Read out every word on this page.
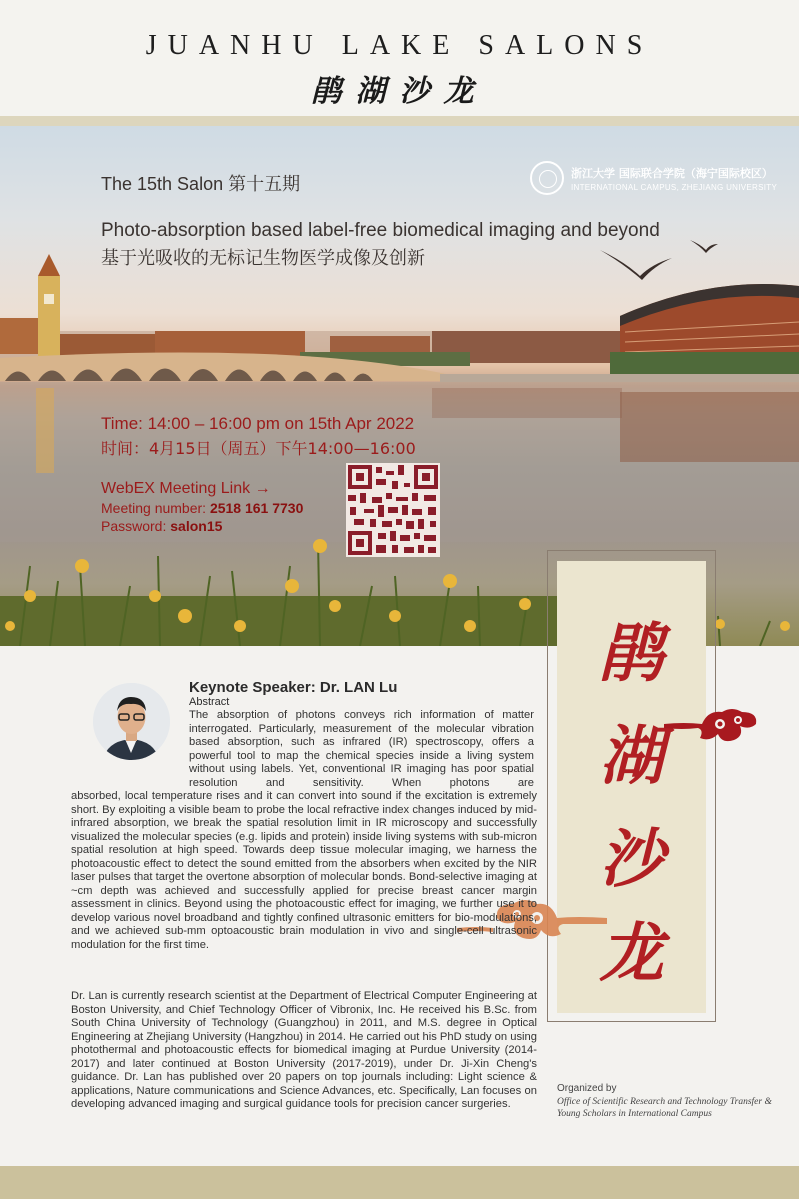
JUANHU LAKE SALONS
鹃湖沙龙
The 15th Salon 第十五期
Photo-absorption based label-free biomedical imaging and beyond
基于光吸收的无标记生物医学成像及创新
浙江大学 国际联合学院（海宁国际校区）
INTERNATIONAL CAMPUS, ZHEJIANG UNIVERSITY
Time: 14:00 – 16:00 pm on 15th Apr 2022
时间：4月15日（周五）下午14:00—16:00
WebEX Meeting Link →
Meeting number: 2518 161 7730
Password: salon15
鹃
湖
沙
龙
Keynote Speaker: Dr. LAN Lu
Abstract
The absorption of photons conveys rich information of matter interrogated. Particularly, measurement of the molecular vibration based absorption, such as infrared (IR) spectroscopy, offers a powerful tool to map the chemical species inside a living system without using labels. Yet, conventional IR imaging has poor spatial resolution and sensitivity. When photons are
absorbed, local temperature rises and it can convert into sound if the excitation is extremely short. By exploiting a visible beam to probe the local refractive index changes induced by mid-infrared absorption, we break the spatial resolution limit in IR microscopy and successfully visualized the molecular species (e.g. lipids and protein) inside living systems with sub-micron spatial resolution at high speed. Towards deep tissue molecular imaging, we harness the photoacoustic effect to detect the sound emitted from the absorbers when excited by the NIR laser pulses that target the overtone absorption of molecular bonds. Bond-selective imaging at ~cm depth was achieved and successfully applied for precise breast cancer margin assessment in clinics. Beyond using the photoacoustic effect for imaging, we further use it to develop various novel broadband and tightly confined ultrasonic emitters for bio-modulations, and we achieved sub-mm optoacoustic brain modulation in vivo and single-cell ultrasonic modulation for the first time.
Dr. Lan is currently research scientist at the Department of Electrical Computer Engineering at Boston University, and Chief Technology Officer of Vibronix, Inc. He received his B.Sc. from South China University of Technology (Guangzhou) in 2011, and M.S. degree in Optical Engineering at Zhejiang University (Hangzhou) in 2014. He carried out his PhD study on using photothermal and photoacoustic effects for biomedical imaging at Purdue University (2014-2017) and later continued at Boston University (2017-2019), under Dr. Ji-Xin Cheng's guidance. Dr. Lan has published over 20 papers on top journals including: Light science & applications, Nature communications and Science Advances, etc. Specifically, Lan focuses on developing advanced imaging and surgical guidance tools for precision cancer surgeries.
Organized by
Office of Scientific Research and Technology Transfer & Young Scholars in International Campus
